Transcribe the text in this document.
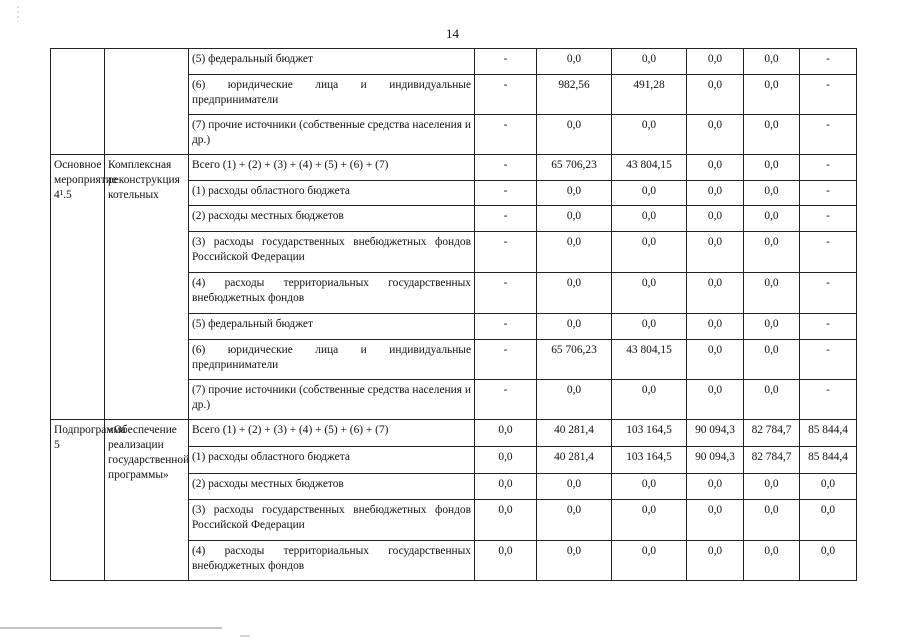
14
		(5) федеральный бюджет	-	0,0	0,0	0,0	0,0	-
		(6) юридические лица и индивидуальные предприниматели	-	982,56	491,28	0,0	0,0	-
		(7) прочие источники (собственные средства населения и др.)	-	0,0	0,0	0,0	0,0	-
Основное мероприятие 4¹.5	Комплексная реконструкция котельных	Всего (1) + (2) + (3) + (4) + (5) + (6) + (7)	-	65 706,23	43 804,15	0,0	0,0	-
		(1) расходы областного бюджета	-	0,0	0,0	0,0	0,0	-
		(2) расходы местных бюджетов	-	0,0	0,0	0,0	0,0	-
		(3) расходы государственных внебюджетных фондов Российской Федерации	-	0,0	0,0	0,0	0,0	-
		(4) расходы территориальных государственных внебюджетных фондов	-	0,0	0,0	0,0	0,0	-
		(5) федеральный бюджет	-	0,0	0,0	0,0	0,0	-
		(6) юридические лица и индивидуальные предприниматели	-	65 706,23	43 804,15	0,0	0,0	-
		(7) прочие источники (собственные средства населения и др.)	-	0,0	0,0	0,0	0,0	-
Подпрограмма 5	«Обеспечение реализации государственной программы»	Всего (1) + (2) + (3) + (4) + (5) + (6) + (7)	0,0	40 281,4	103 164,5	90 094,3	82 784,7	85 844,4
		(1) расходы областного бюджета	0,0	40 281,4	103 164,5	90 094,3	82 784,7	85 844,4
		(2) расходы местных бюджетов	0,0	0,0	0,0	0,0	0,0	0,0
		(3) расходы государственных внебюджетных фондов Российской Федерации	0,0	0,0	0,0	0,0	0,0	0,0
		(4) расходы территориальных государственных внебюджетных фондов	0,0	0,0	0,0	0,0	0,0	0,0
